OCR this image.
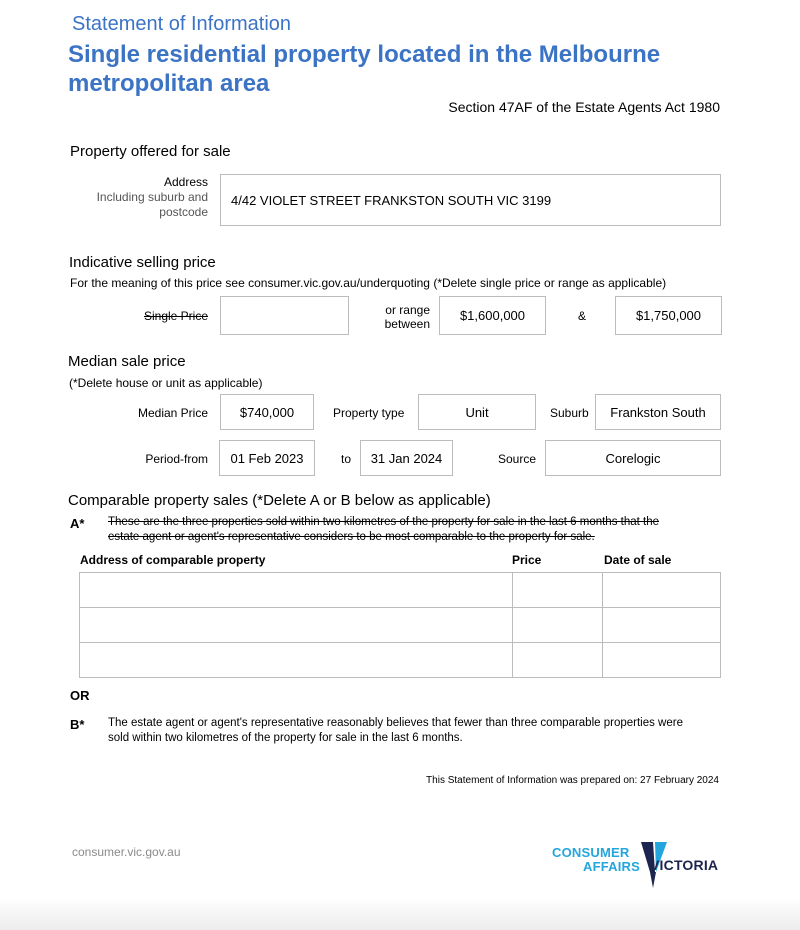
Statement of Information
Single residential property located in the Melbourne
metropolitan area
Section 47AF of the Estate Agents Act 1980
Property offered for sale
Address
Including suburb and
postcode
4/42 VIOLET STREET FRANKSTON SOUTH VIC 3199
Indicative selling price
For the meaning of this price see consumer.vic.gov.au/underquoting (*Delete single price or range as applicable)
Single Price	or range
between
$1,600,000	&	$1,750,000
Median sale price
(*Delete house or unit as applicable)
Median Price	$740,000	Property type	Unit	Suburb	Frankston South
Period-from	01 Feb 2023	to	31 Jan 2024	Source	Corelogic
Comparable property sales (*Delete A or B below as applicable)
A* These are the three properties sold within two kilometres of the property for sale in the last 6 months that the
estate agent or agent's representative considers to be most comparable to the property for sale.
Address of comparable property	Price	Date of sale

OR
B* The estate agent or agent's representative reasonably believes that fewer than three comparable properties were
sold within two kilometres of the property for sale in the last 6 months.
This Statement of Information was prepared on: 27 February 2024
consumer.vic.gov.au	CONSUMER
AFFAIRS VICTORIA
